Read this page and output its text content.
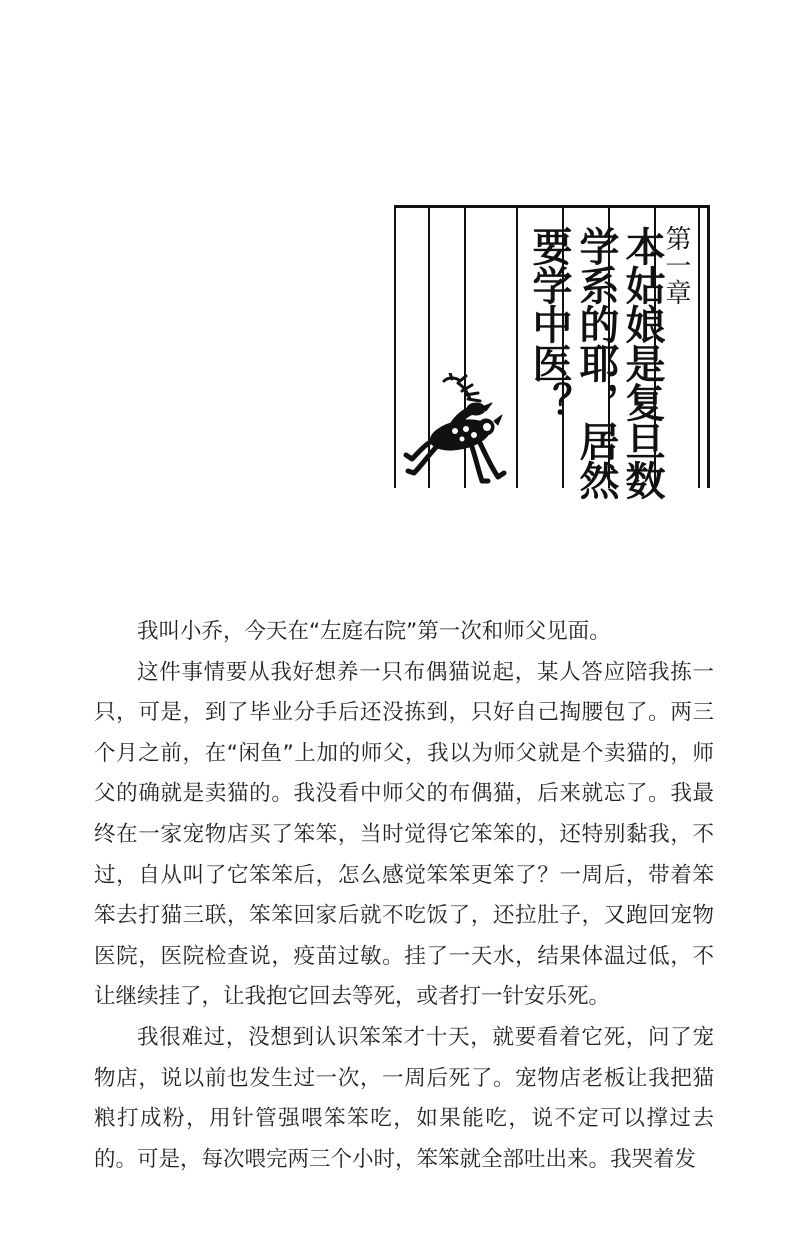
第一章
本姑娘是复旦数
学系的耶，居然
要学中医？

我叫小乔，今天在“左庭右院”第一次和师父见面。

这件事情要从我好想养一只布偶猫说起，某人答应陪我拣一只，可是，到了毕业分手后还没拣到，只好自己掏腰包了。两三个月之前，在“闲鱼”上加的师父，我以为师父就是个卖猫的，师父的确就是卖猫的。我没看中师父的布偶猫，后来就忘了。我最终在一家宠物店买了笨笨，当时觉得它笨笨的，还特别黏我，不过，自从叫了它笨笨后，怎么感觉笨笨更笨了？一周后，带着笨笨去打猫三联，笨笨回家后就不吃饭了，还拉肚子，又跑回宠物医院，医院检查说，疫苗过敏。挂了一天水，结果体温过低，不让继续挂了，让我抱它回去等死，或者打一针安乐死。

我很难过，没想到认识笨笨才十天，就要看着它死，问了宠物店，说以前也发生过一次，一周后死了。宠物店老板让我把猫粮打成粉，用针管强喂笨笨吃，如果能吃，说不定可以撑过去的。可是，每次喂完两三个小时，笨笨就全部吐出来。我哭着发
